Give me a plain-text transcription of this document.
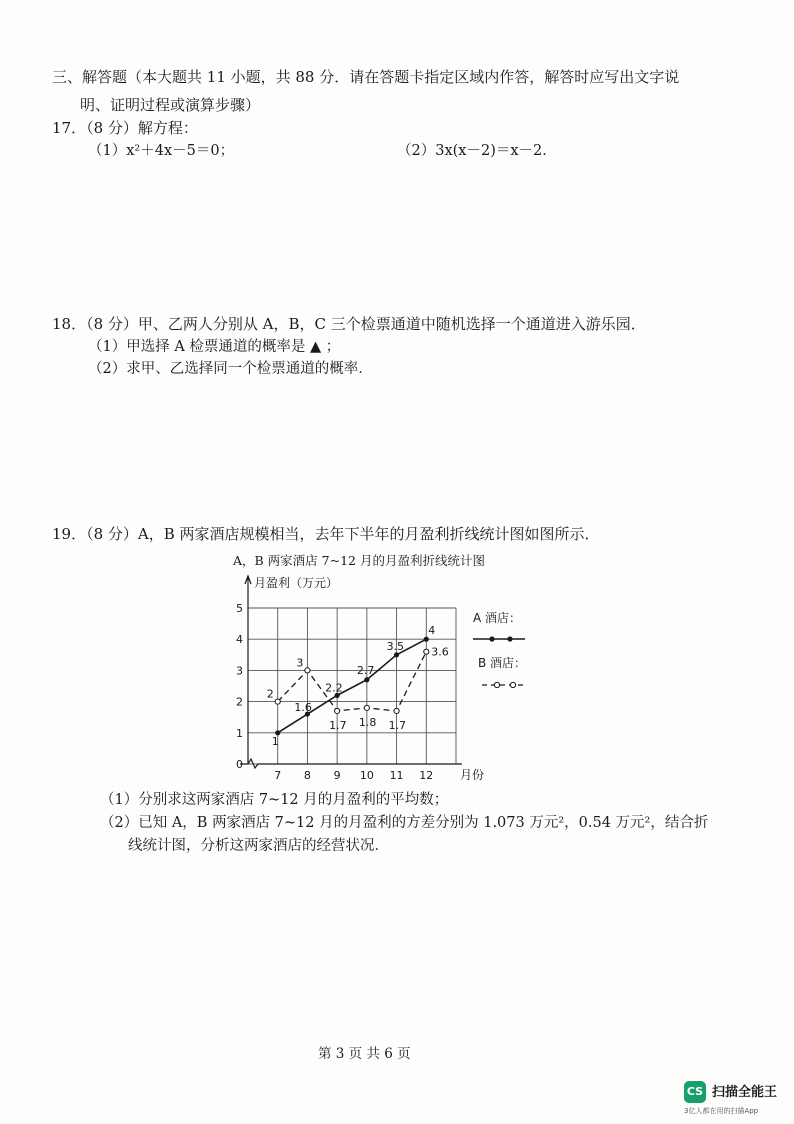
三、解答题（本大题共 11 小题，共 88 分．请在答题卡指定区域内作答，解答时应写出文字说
明、证明过程或演算步骤）
17．（8 分）解方程：
（1）x²＋4x－5＝0；	（2）3x(x－2)＝x－2．
18．（8 分）甲、乙两人分别从 A，B，C 三个检票通道中随机选择一个通道进入游乐园．
（1）甲选择 A 检票通道的概率是 ▲ ；
（2）求甲、乙选择同一个检票通道的概率．
19．（8 分）A，B 两家酒店规模相当，去年下半年的月盈利折线统计图如图所示．
A，B 两家酒店 7~12 月的月盈利折线统计图
月盈利（万元）
月份
0
1
2
3
4
5
7 8 9 10 11 12
1
1.6
2.2
2.7
3.5
4
2
3
1.7 1.8 1.7
3.6
A 酒店：
B 酒店：
（1）分别求这两家酒店 7~12 月的月盈利的平均数；
（2）已知 A，B 两家酒店 7~12 月的月盈利的方差分别为 1.073 万元²，0.54 万元²，结合折
线统计图，分析这两家酒店的经营状况．
第 3 页 共 6 页
CS 扫描全能王
3亿人都在用的扫描App
